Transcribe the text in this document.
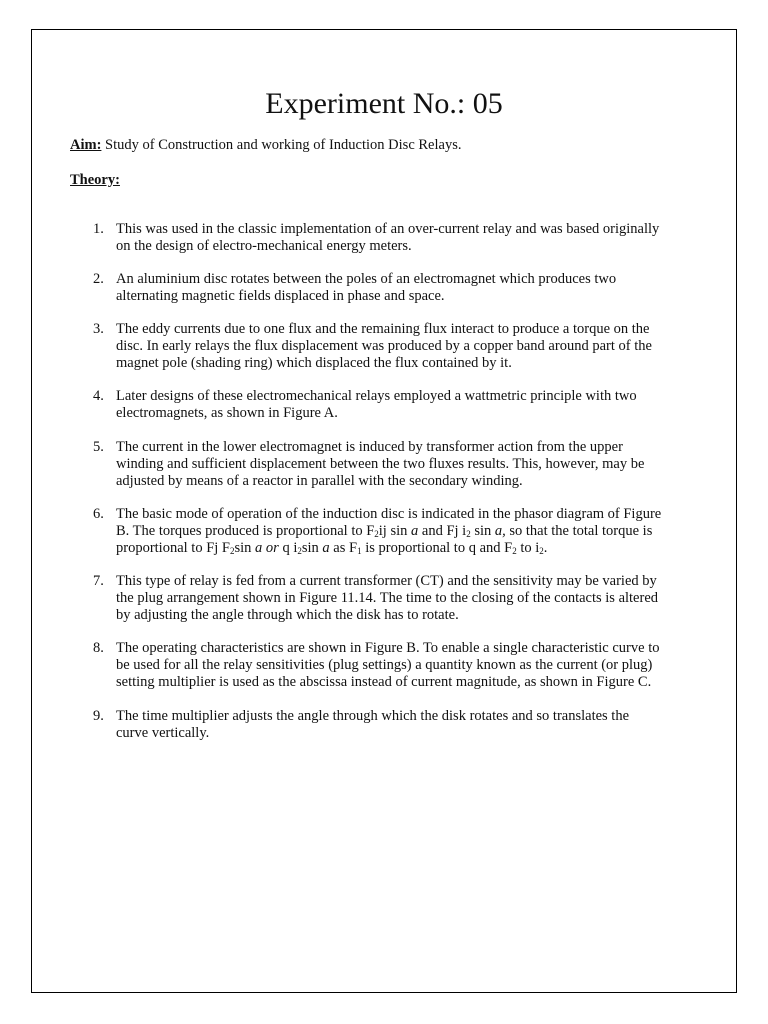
Experiment No.: 05

Aim: Study of Construction and working of Induction Disc Relays.

Theory:

1. This was used in the classic implementation of an over-current relay and was based originally
on the design of electro-mechanical energy meters.
2. An aluminium disc rotates between the poles of an electromagnet which produces two
alternating magnetic fields displaced in phase and space.
3. The eddy currents due to one flux and the remaining flux interact to produce a torque on the
disc. In early relays the flux displacement was produced by a copper band around part of the
magnet pole (shading ring) which displaced the flux contained by it.
4. Later designs of these electromechanical relays employed a wattmetric principle with two
electromagnets, as shown in Figure A.
5. The current in the lower electromagnet is induced by transformer action from the upper
winding and sufficient displacement between the two fluxes results. This, however, may be
adjusted by means of a reactor in parallel with the secondary winding.
6. The basic mode of operation of the induction disc is indicated in the phasor diagram of Figure
B. The torques produced is proportional to $F_2ij$ sin a and Fj $i_2$ sin a, so that the total torque is
proportional to Fj $F_2\sin$ a or q $i_2\sin$ a as $F_1$ is proportional to q and $F_2$ to $i_2$.
7. This type of relay is fed from a current transformer (CT) and the sensitivity may be varied by
the plug arrangement shown in Figure 11.14. The time to the closing of the contacts is altered
by adjusting the angle through which the disk has to rotate.
8. The operating characteristics are shown in Figure B. To enable a single characteristic curve to
be used for all the relay sensitivities (plug settings) a quantity known as the current (or plug)
setting multiplier is used as the abscissa instead of current magnitude, as shown in Figure C.
9. The time multiplier adjusts the angle through which the disk rotates and so translates the
curve vertically.
